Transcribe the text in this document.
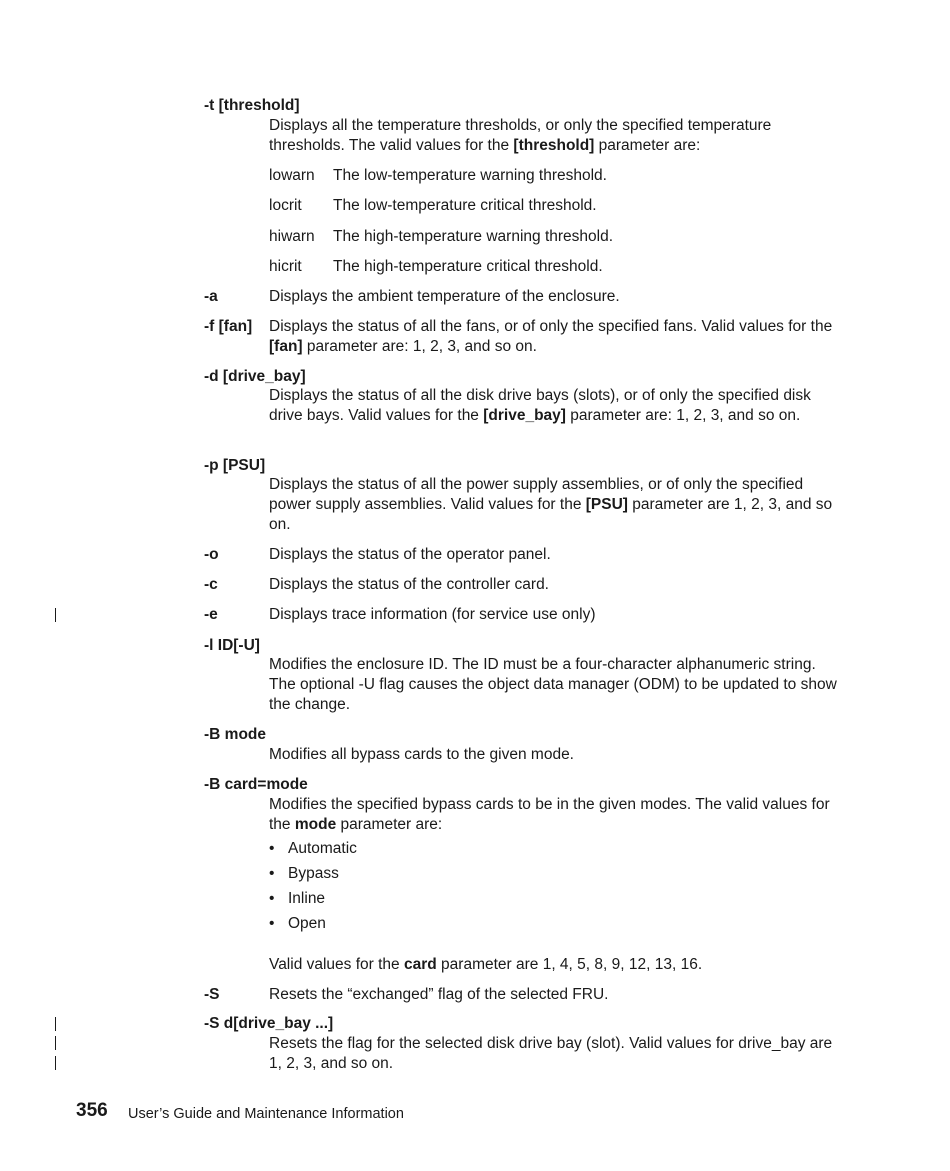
-t [threshold]
Displays all the temperature thresholds, or only the specified temperature thresholds. The valid values for the [threshold] parameter are:
lowarn The low-temperature warning threshold.
locrit The low-temperature critical threshold.
hiwarn The high-temperature warning threshold.
hicrit The high-temperature critical threshold.
-a	Displays the ambient temperature of the enclosure.
-f [fan] Displays the status of all the fans, or of only the specified fans. Valid values for the [fan] parameter are: 1, 2, 3, and so on.
-d [drive_bay]
Displays the status of all the disk drive bays (slots), or of only the specified disk drive bays. Valid values for the [drive_bay] parameter are: 1, 2, 3, and so on.
-p [PSU]
Displays the status of all the power supply assemblies, or of only the specified power supply assemblies. Valid values for the [PSU] parameter are 1, 2, 3, and so on.
-o	Displays the status of the operator panel.
-c	Displays the status of the controller card.
-e	Displays trace information (for service use only)
-l ID[-U]
Modifies the enclosure ID. The ID must be a four-character alphanumeric string. The optional -U flag causes the object data manager (ODM) to be updated to show the change.
-B mode
Modifies all bypass cards to the given mode.
-B card=mode
Modifies the specified bypass cards to be in the given modes. The valid values for the mode parameter are:
• Automatic
• Bypass
• Inline
• Open
Valid values for the card parameter are 1, 4, 5, 8, 9, 12, 13, 16.
-S	Resets the “exchanged” flag of the selected FRU.
-S d[drive_bay ...]
Resets the flag for the selected disk drive bay (slot). Valid values for drive_bay are 1, 2, 3, and so on.
356 User’s Guide and Maintenance Information
